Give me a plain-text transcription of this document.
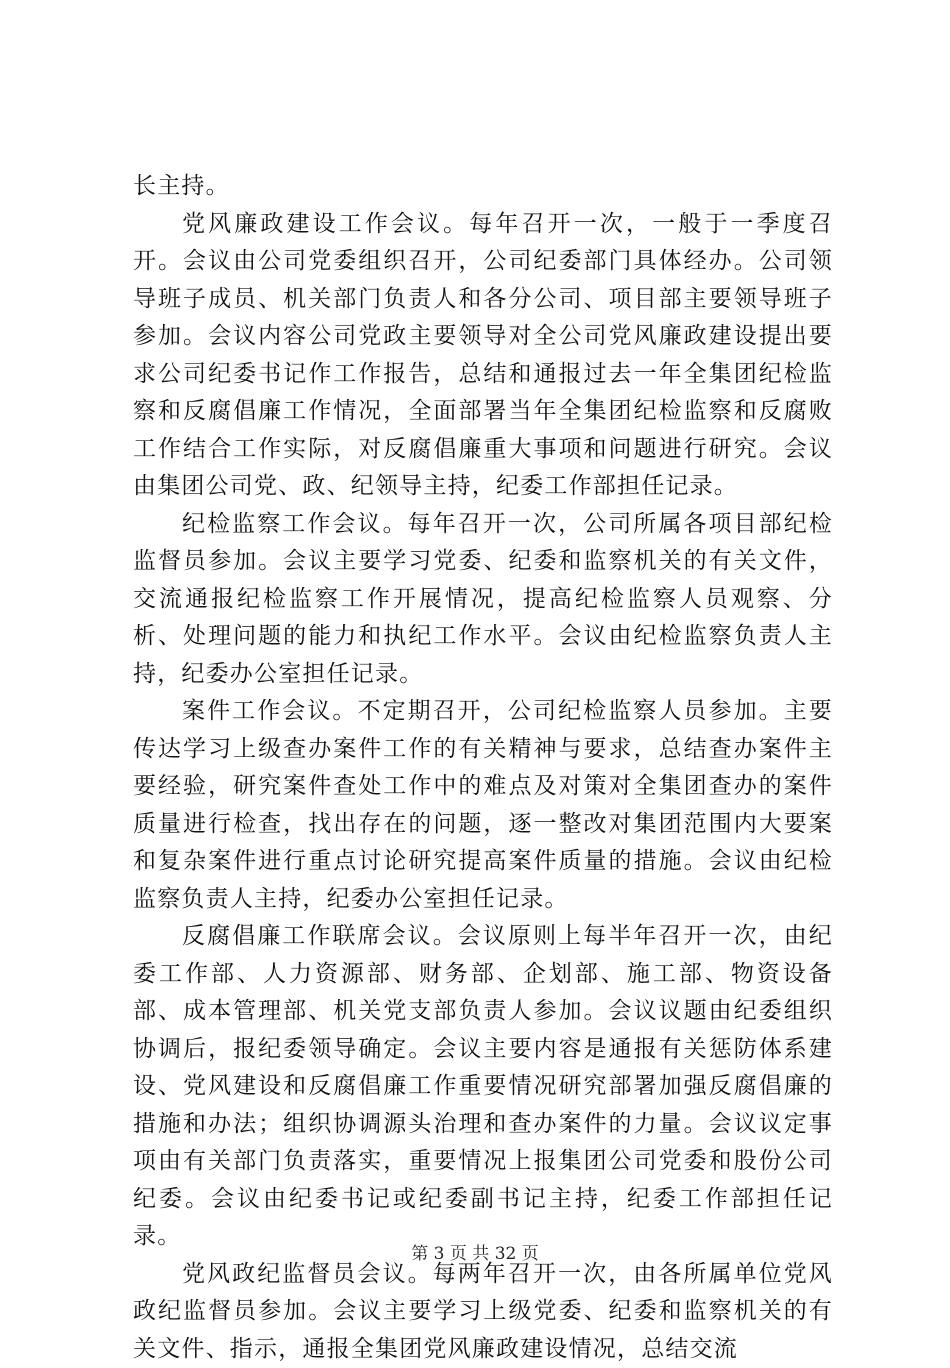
长主持。

党风廉政建设工作会议。每年召开一次，一般于一季度召开。会议由公司党委组织召开，公司纪委部门具体经办。公司领导班子成员、机关部门负责人和各分公司、项目部主要领导班子参加。会议内容公司党政主要领导对全公司党风廉政建设提出要求公司纪委书记作工作报告，总结和通报过去一年全集团纪检监察和反腐倡廉工作情况，全面部署当年全集团纪检监察和反腐败工作结合工作实际，对反腐倡廉重大事项和问题进行研究。会议由集团公司党、政、纪领导主持，纪委工作部担任记录。

纪检监察工作会议。每年召开一次，公司所属各项目部纪检监督员参加。会议主要学习党委、纪委和监察机关的有关文件，交流通报纪检监察工作开展情况，提高纪检监察人员观察、分析、处理问题的能力和执纪工作水平。会议由纪检监察负责人主持，纪委办公室担任记录。

案件工作会议。不定期召开，公司纪检监察人员参加。主要传达学习上级查办案件工作的有关精神与要求，总结查办案件主要经验，研究案件查处工作中的难点及对策对全集团查办的案件质量进行检查，找出存在的问题，逐一整改对集团范围内大要案和复杂案件进行重点讨论研究提高案件质量的措施。会议由纪检监察负责人主持，纪委办公室担任记录。

反腐倡廉工作联席会议。会议原则上每半年召开一次，由纪委工作部、人力资源部、财务部、企划部、施工部、物资设备部、成本管理部、机关党支部负责人参加。会议议题由纪委组织协调后，报纪委领导确定。会议主要内容是通报有关惩防体系建设、党风建设和反腐倡廉工作重要情况研究部署加强反腐倡廉的措施和办法；组织协调源头治理和查办案件的力量。会议议定事项由有关部门负责落实，重要情况上报集团公司党委和股份公司纪委。会议由纪委书记或纪委副书记主持，纪委工作部担任记录。

党风政纪监督员会议。每两年召开一次，由各所属单位党风政纪监督员参加。会议主要学习上级党委、纪委和监察机关的有关文件、指示，通报全集团党风廉政建设情况，总结交流

第 3 页 共 32 页
